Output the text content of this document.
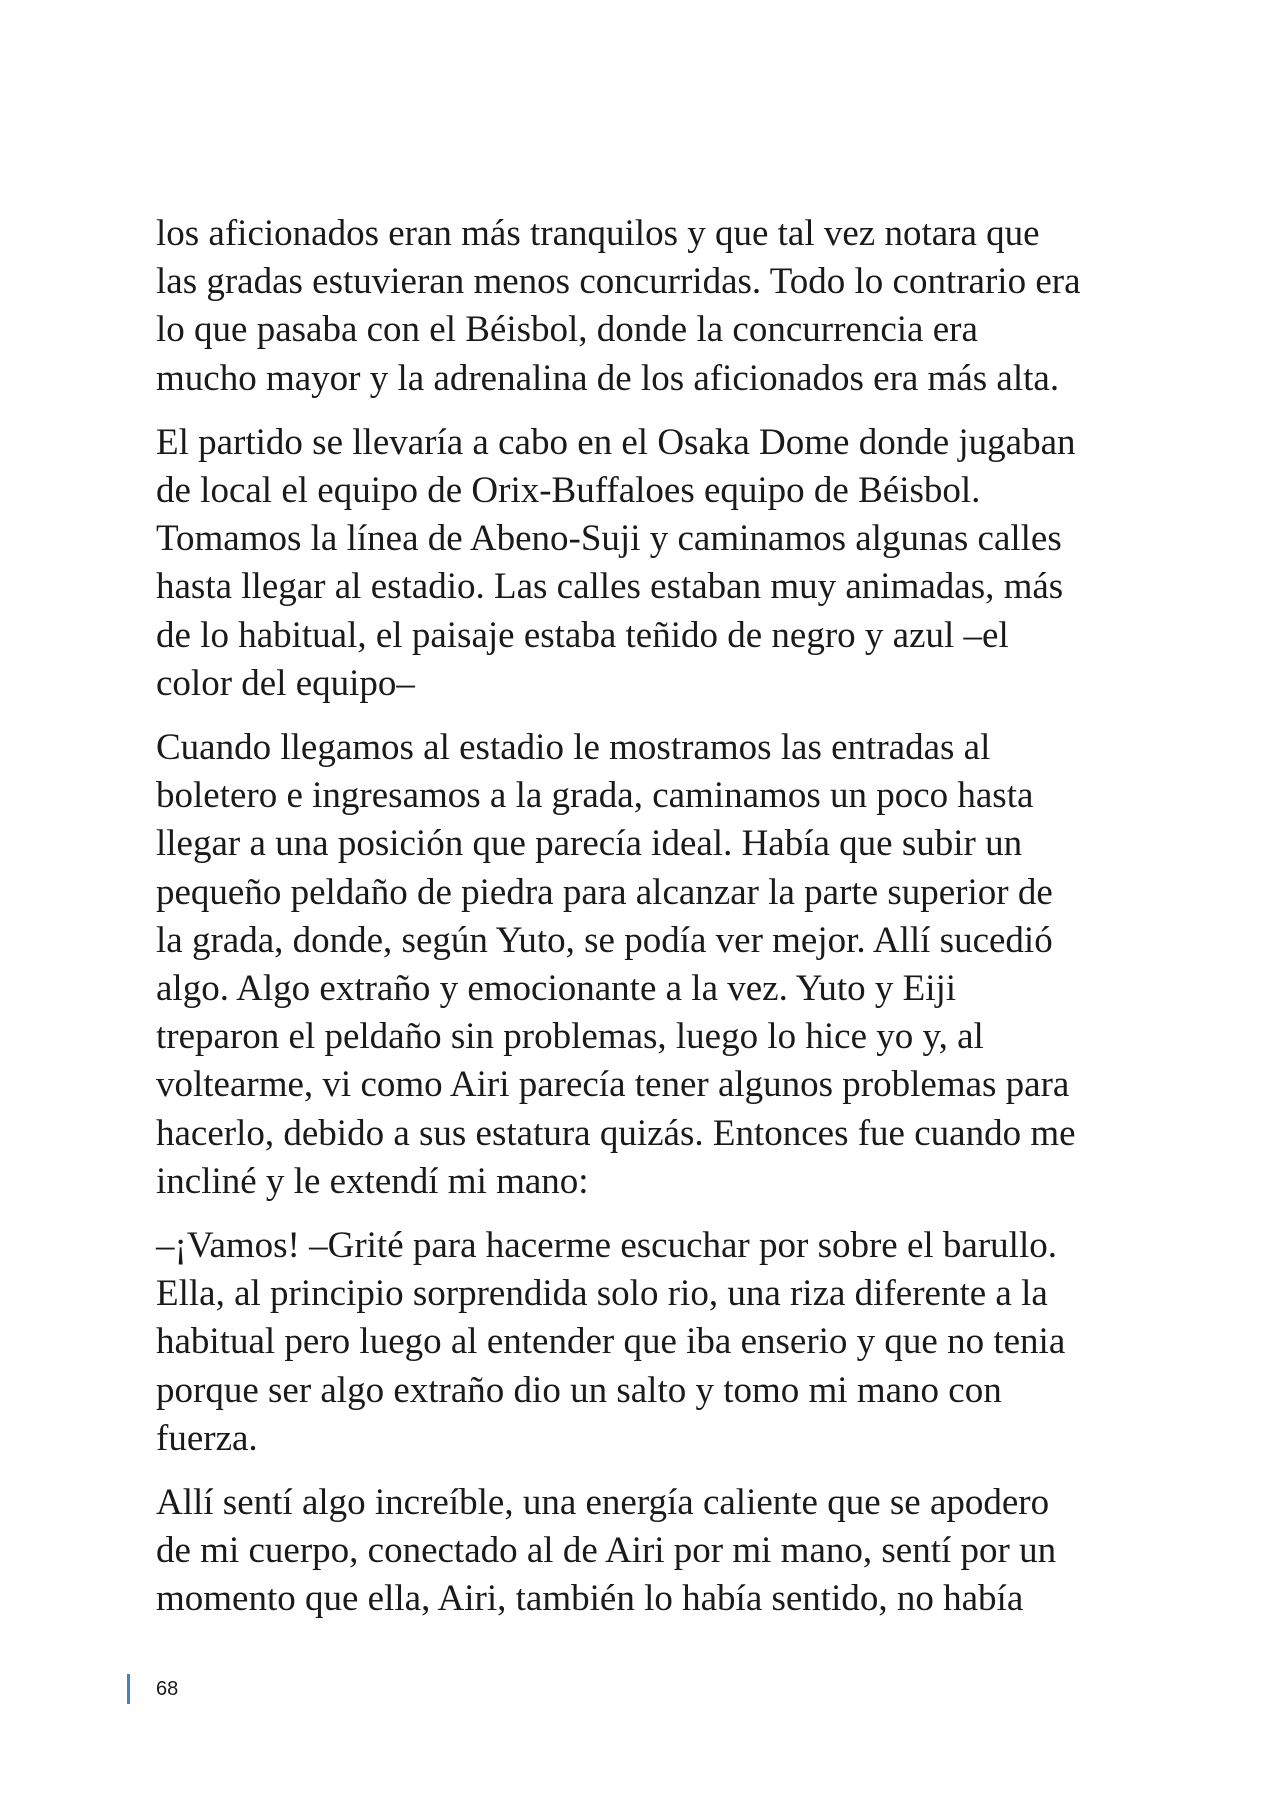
los aficionados eran más tranquilos y que tal vez notara que
las gradas estuvieran menos concurridas. Todo lo contrario era
lo que pasaba con el Béisbol, donde la concurrencia era
mucho mayor y la adrenalina de los aficionados era más alta.

El partido se llevaría a cabo en el Osaka Dome donde jugaban
de local el equipo de Orix-Buffaloes equipo de Béisbol.
Tomamos la línea de Abeno-Suji y caminamos algunas calles
hasta llegar al estadio. Las calles estaban muy animadas, más
de lo habitual, el paisaje estaba teñido de negro y azul –el
color del equipo–

Cuando llegamos al estadio le mostramos las entradas al
boletero e ingresamos a la grada, caminamos un poco hasta
llegar a una posición que parecía ideal. Había que subir un
pequeño peldaño de piedra para alcanzar la parte superior de
la grada, donde, según Yuto, se podía ver mejor. Allí sucedió
algo. Algo extraño y emocionante a la vez. Yuto y Eiji
treparon el peldaño sin problemas, luego lo hice yo y, al
voltearme, vi como Airi parecía tener algunos problemas para
hacerlo, debido a sus estatura quizás. Entonces fue cuando me
incliné y le extendí mi mano:

–¡Vamos! –Grité para hacerme escuchar por sobre el barullo.
Ella, al principio sorprendida solo rio, una riza diferente a la
habitual pero luego al entender que iba enserio y que no tenia
porque ser algo extraño dio un salto y tomo mi mano con
fuerza.

Allí sentí algo increíble, una energía caliente que se apodero
de mi cuerpo, conectado al de Airi por mi mano, sentí por un
momento que ella, Airi, también lo había sentido, no había

68
